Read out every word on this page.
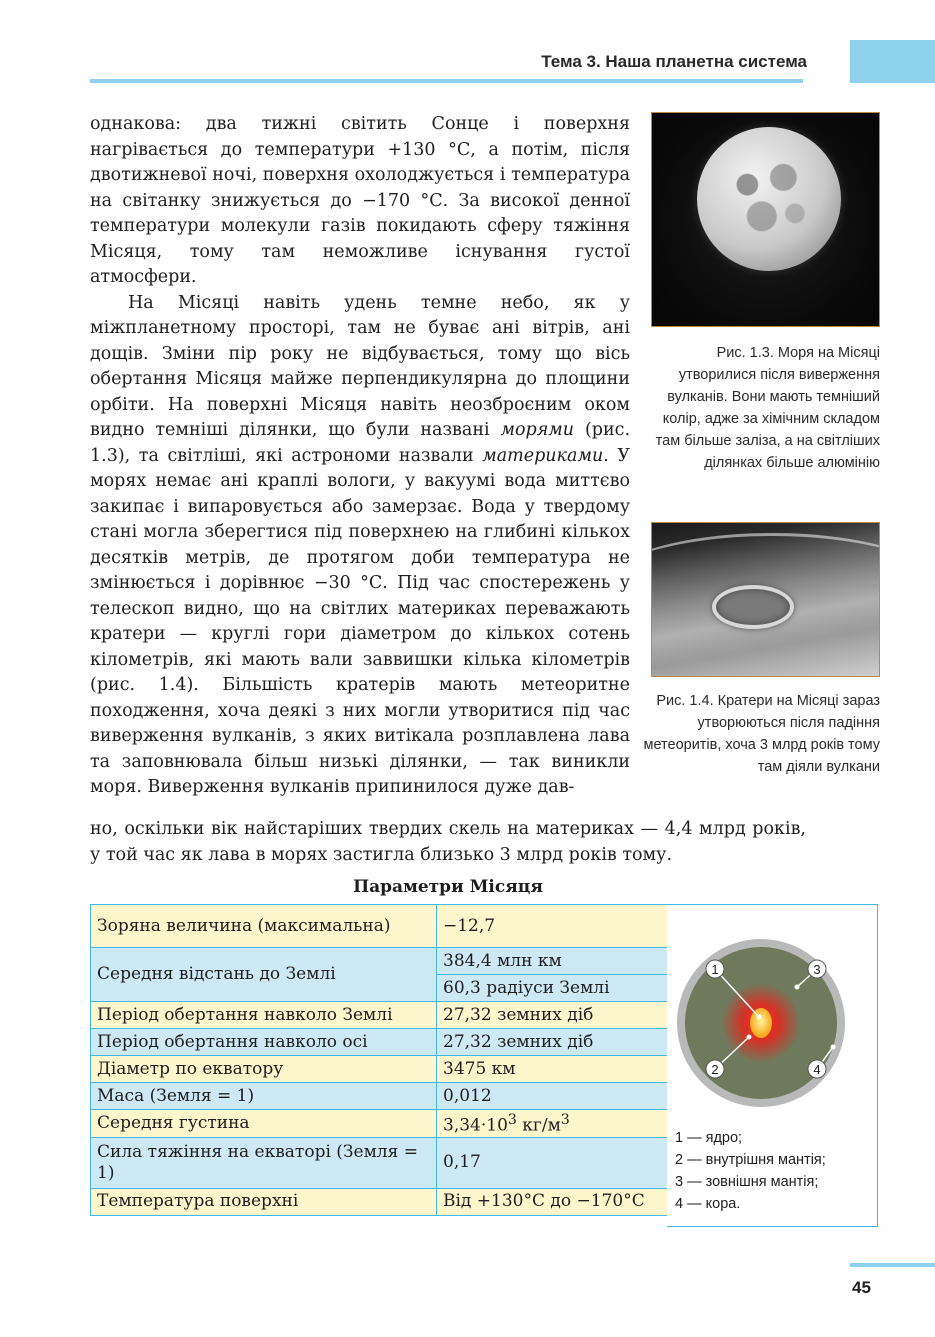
Тема 3. Наша планетна система

однакова: два тижні світить Сонце і поверхня нагрівається до температури +130 °С, а потім, після двотижневої ночі, поверхня охолоджується і температура на світанку знижується до −170 °С. За високої денної температури молекули газів покидають сферу тяжіння Місяця, тому там неможливе існування густої атмосфери.

На Місяці навіть удень темне небо, як у міжпланетному просторі, там не буває ані вітрів, ані дощів. Зміни пір року не відбувається, тому що вісь обертання Місяця майже перпендикулярна до площини орбіти. На поверхні Місяця навіть неозброєним оком видно темніші ділянки, що були названі морями (рис. 1.3), та світліші, які астрономи назвали материками. У морях немає ані краплі вологи, у вакуумі вода миттєво закипає і випаровується або замерзає. Вода у твердому стані могла зберегтися під поверхнею на глибині кількох десятків метрів, де протягом доби температура не змінюється і дорівнює −30 °С. Під час спостережень у телескоп видно, що на світлих материках переважають кратери — круглі гори діаметром до кількох сотень кілометрів, які мають вали заввишки кілька кілометрів (рис. 1.4). Більшість кратерів мають метеоритне походження, хоча деякі з них могли утворитися під час виверження вулканів, з яких витікала розплавлена лава та заповнювала більш низькі ділянки, — так виникли моря. Виверження вулканів припинилося дуже дав-

но, оскільки вік найстаріших твердих скель на материках — 4,4 млрд років, у той час як лава в морях застигла близько 3 млрд років тому.
Рис. 1.3. Моря на Місяці утворилися після виверження вулканів. Вони мають темніший колір, адже за хімічним складом там більше заліза, а на світліших ділянках більше алюмінію
Рис. 1.4. Кратери на Місяці зараз утворюються після падіння метеоритів, хоча 3 млрд років тому там діяли вулкани
Параметри Місяця
Зоряна величина (максимальна)	−12,7
Середня відстань до Землі	384,4 млн км
	60,3 радіуси Землі
Період обертання навколо Землі	27,32 земних діб
Період обертання навколо осі	27,32 земних діб
Діаметр по екватору	3475 км
Маса (Земля = 1)	0,012
Середня густина	$3,34\cdot 10^3$ $кг/м^3$
Сила тяжіння на екваторі (Земля = 1)	0,17
Температура поверхні	Від +130°С до −170°С
1
2
3
4
1 — ядро;
2 — внутрішня мантія;
3 — зовнішня мантія;
4 — кора.
45
